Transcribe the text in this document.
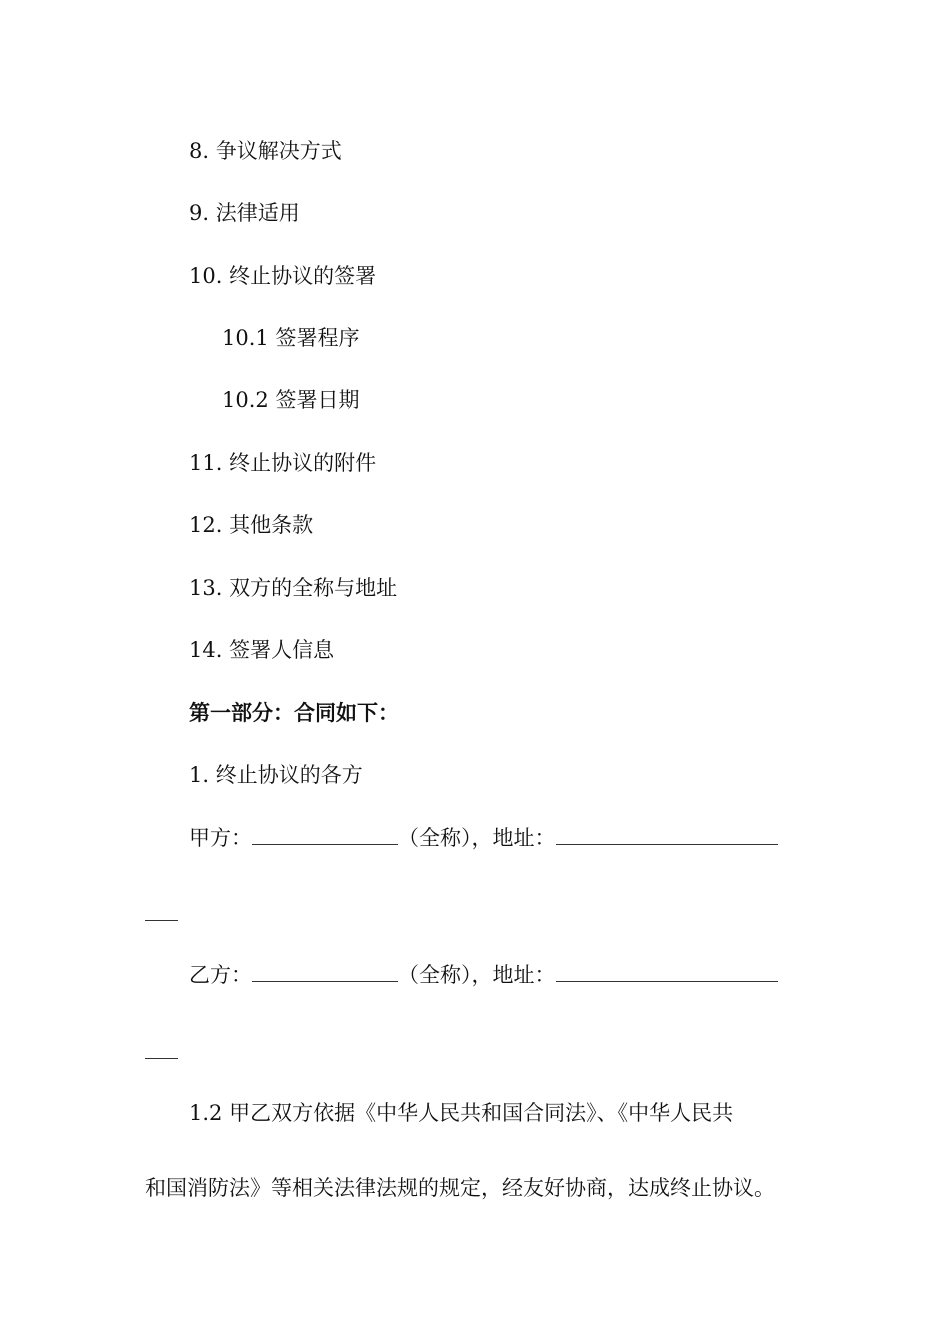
8. 争议解决方式
9. 法律适用
10. 终止协议的签署
10.1 签署程序
10.2 签署日期
11. 终止协议的附件
12. 其他条款
13. 双方的全称与地址
14. 签署人信息
第一部分：合同如下：
1. 终止协议的各方
甲方：	（全称），地址：
乙方：	（全称），地址：
1.2 甲乙双方依据《中华人民共和国合同法》、《中华人民共
和国消防法》等相关法律法规的规定，经友好协商，达成终止协议。
